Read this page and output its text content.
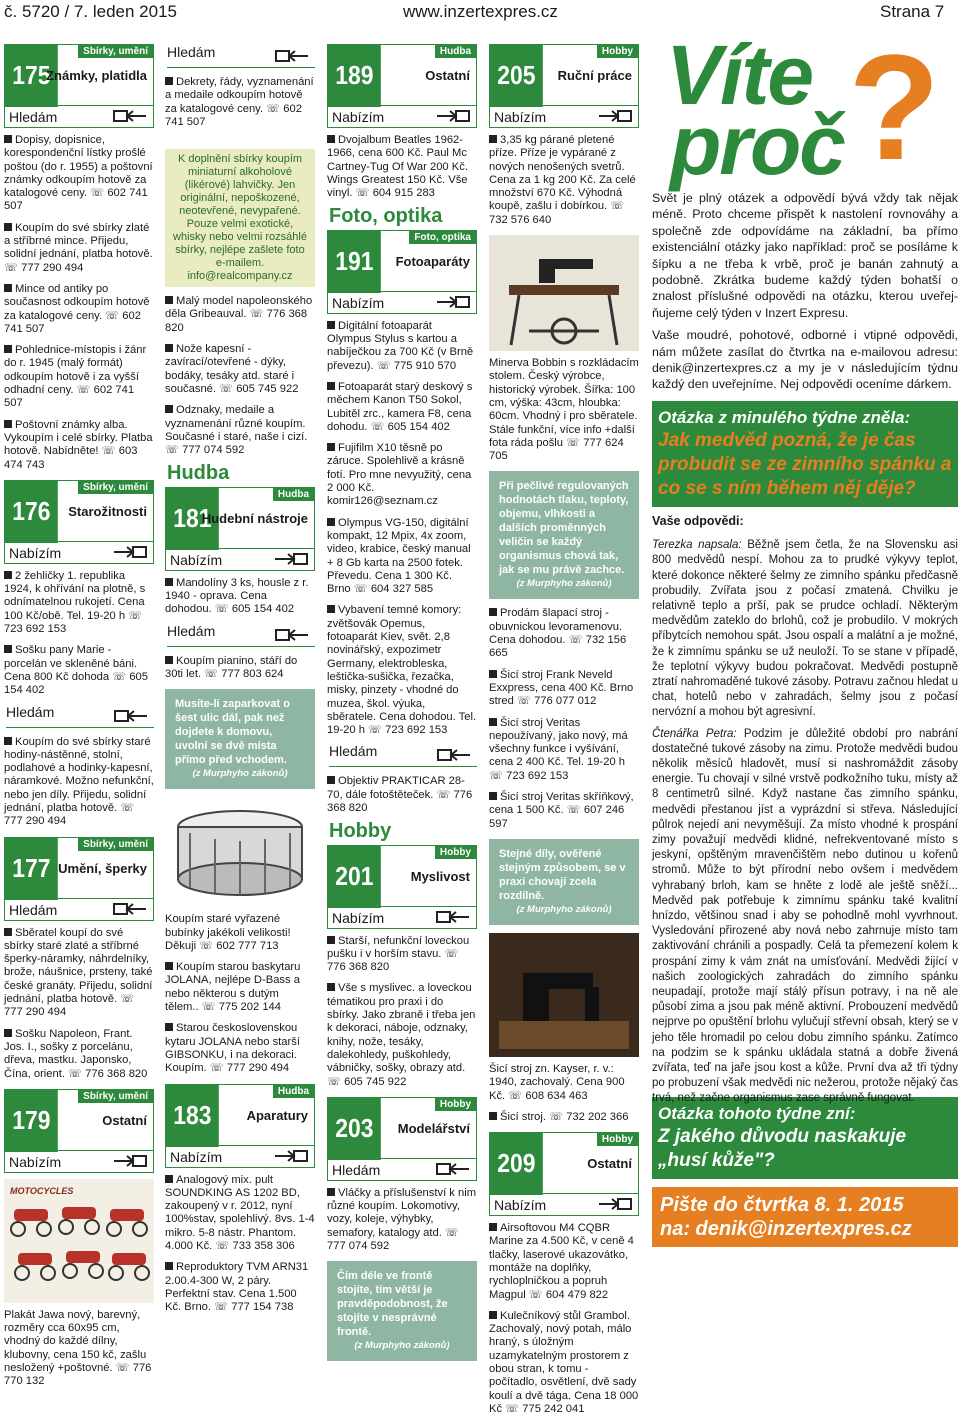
č. 5720 / 7. leden 2015	www.inzertexpres.cz	Strana 7
175
Sbírky, umění
Známky, platidla
Hledám
Dopisy, dopisnice, korespondenční lístky prošlé poštou (do r. 1955) a poštovní známky odkoupím hotově za katalogové ceny. ☏ 602 741 507
Koupím do své sbírky zlaté a stříbrné mince. Přijedu, solidní jednání, platba hotově. ☏ 777 290 494
Mince od antiky po současnost odkoupím hotově za katalogové ceny. ☏ 602 741 507
Pohlednice-místopis i žánr do r. 1945 (malý formát) odkoupím hotově i za vyšší odhadní ceny. ☏ 602 741 507
Poštovní známky alba. Vykoupím i celé sbírky. Platba hotově. Nabídněte! ☏ 603 474 743
176
Sbírky, umění
Starožitnosti
Nabízím
2 žehličky 1. republika 1924, k ohřívání na plotně, s odnímatelnou rukojetí. Cena 100 Kč/obě. Tel. 19-20 h ☏ 723 692 153
Sošku pany Marie - porcelán ve skleněné báni. Cena 800 Kč dohoda ☏ 605 154 402
Hledám
Koupím do své sbírky staré hodiny-nástěnné, stolní, podlahové a hodinky-kapesní, náramkové. Možno nefunkční, nebo jen díly. Přijedu, solidní jednání, platba hotově. ☏ 777 290 494
177
Sbírky, umění
Umění, šperky
Hledám
Sběratel koupí do své sbírky staré zlaté a stříbrné šperky-náramky, náhrdelníky, brože, náušnice, prsteny, také české granáty. Přijedu, solidní jednání, platba hotově. ☏ 777 290 494
Sošku Napoleon, Frant. Jos. I., sošky z porcelánu, dřeva, mastku. Japonsko, Čína, orient. ☏ 776 368 820
179
Sbírky, umění
Ostatní
Nabízím
MOTOCYCLES
Plakát Jawa nový, barevný, rozměry cca 60x95 cm, vhodný do každé dílny, klubovny, cena 150 kč, zašlu nesložený +poštovné. ☏ 776 770 132
Hledám
Dekrety, řády, vyznamenání a medaile odkoupím hotově za katalogové ceny. ☏ 602 741 507
K doplnění sbírky koupím miniaturní alkoholové (likérové) lahvičky. Jen originální, nepoškozené, neotevřené, nevypařené. Pouze velmi exotické, whisky nebo velmi rozsáhlé sbírky, nejlépe zašlete foto e-mailem. info@realcompany.cz
Malý model napoleonského děla Gribeauval. ☏ 776 368 820
Nože kapesní - zavírací/otevřené - dýky, bodáky, tesáky atd. staré i současné. ☏ 605 745 922
Odznaky, medaile a vyznamenání různé koupím. Současné i staré, naše i cizí. ☏ 777 074 592
Hudba
181
Hudba
Hudební nástroje
Nabízím
Mandolíny 3 ks, housle z r. 1940 - oprava. Cena dohodou. ☏ 605 154 402
Hledám
Koupím pianino, stáří do 30ti let. ☏ 777 803 624
Musíte-li zaparkovat o šest ulic dál, pak než dojdete k domovu, uvolní se dvě místa přímo před vchodem.
(z Murphyho zákonů)
Koupím staré vyřazené bubínky jakékoli velikosti! Děkuji ☏ 602 777 713
Koupím starou baskytaru JOLANA, nejlépe D-Bass a nebo některou s dutým tělem.. ☏ 775 202 144
Starou československou kytaru JOLANA nebo starší GIBSONKU, i na dekoraci. Koupím. ☏ 777 290 494
183
Hudba
Aparatury
Nabízím
Analogový mix. pult SOUNDKING AS 1202 BD, zakoupený v r. 2012, nyní 100%stav, spolehlivý. 8vs. 1-4 mikro. 5-8 nástr. Phantom. 4.000 Kč. ☏ 733 358 306
Reproduktory TVM ARN31 2.00.4-300 W, 2 páry. Perfektní stav. Cena 1.500 Kč. Brno. ☏ 777 154 738
189
Hudba
Ostatní
Nabízím
Dvojalbum Beatles 1962-1966, cena 600 Kč. Paul Mc Cartney-Tug Of War 200 Kč. Wings Greatest 150 Kč. Vše vinyl. ☏ 604 915 283
Foto, optika
191
Foto, optika
Fotoaparáty
Nabízím
Digitální fotoaparát Olympus Stylus s kartou a nabíječkou za 700 Kč (v Brně převezu). ☏ 775 910 570
Fotoaparát starý deskový s měchem Kanon T50 Sokol, Lubitěl zrc., kamera F8, cena dohodu. ☏ 605 154 402
Fujifilm X10 těsně po záruce. Spolehlivě a krásně fotí. Pro mne nevyužitý, cena 2 000 Kč. komir126@seznam.cz
Olympus VG-150, digitální kompakt, 12 Mpix, 4x zoom, video, krabice, český manual + 8 Gb karta na 2500 fotek. Převedu. Cena 1 300 Kč. Brno ☏ 604 327 585
Vybavení temné komory: zvětšovák Opemus, fotoaparát Kiev, svět. 2,8 novinářský, expozimetr Germany, elektrobleska, leštička-sušička, řezačka, misky, pinzety - vhodné do muzea, škol. výuka, sběratele. Cena dohodou. Tel. 19-20 h ☏ 723 692 153
Hledám
Objektiv PRAKTICAR 28-70, dále fotoštěteček. ☏ 776 368 820
Hobby
201
Hobby
Myslivost
Nabízím
Starší, nefunkční loveckou pušku i v horším stavu. ☏ 776 368 820
Vše s myslivec. a loveckou tématikou pro praxi i do sbírky. Jako zbraně i třeba jen k dekoraci, náboje, odznaky, knihy, nože, tesáky, dalekohledy, puškohledy, vábničky, sošky, obrazy atd. ☏ 605 745 922
203
Hobby
Modelářství
Hledám
Vláčky a příslušenství k nim různé koupím. Lokomotivy, vozy, koleje, výhybky, semafory, katalogy atd. ☏ 777 074 592
Čím déle ve frontě stojíte, tím větší je pravděpodobnost, že stojíte v nesprávné frontě.
(z Murphyho zákonů)
205
Hobby
Ruční práce
Nabízím
3,35 kg párané pletené příze. Příze je vypárané z nových nenošených svetrů. Cena za 1 kg 200 Kč. Za celé množství 670 Kč. Výhodná koupě, zašlu i dobírkou. ☏ 732 576 640
Minerva Bobbin s rozkládacím stolem. Český výrobce, historický výrobek. Šířka: 100 cm, výška: 43cm, hloubka: 60cm. Vhodný i pro sběratele. Stále funkční, více info +další fota ráda pošlu ☏ 777 624 705
Při pečlivé regulovaných hodnotách tlaku, teploty, objemu, vlhkosti a dalších proměnných veličin se každý organismus chová tak, jak se mu právě zachce.
(z Murphyho zákonů)
Prodám šlapací stroj - obuvnickou levoramenovu. Cena dohodou. ☏ 732 156 665
Šicí stroj Frank Neveld Exxpress, cena 400 Kč. Brno stred ☏ 776 077 012
Šicí stroj Veritas nepoužívaný, jako nový, má všechny funkce i vyšívání, cena 2 400 Kč. Tel. 19-20 h ☏ 723 692 153
Šicí stroj Veritas skříňkový, cena 1 500 Kč. ☏ 607 246 597
Stejné díly, ověřené stejným způsobem, se v praxi chovají zcela rozdílně.
(z Murphyho zákonů)
Šicí stroj zn. Kayser, r. v.: 1940, zachovalý. Cena 900 Kč. ☏ 608 634 463
Šicí stroj. ☏ 732 202 366
209
Hobby
Ostatní
Nabízím
Airsoftovou M4 CQBR Marine za 4.500 Kč, v ceně 4 tlačky, laserové ukazovátko, montáže na doplňky, rychloplničkou a popruh Magpul ☏ 604 479 822
Kulečníkový stůl Grambol. Zachovalý, nový potah, málo hraný, s úložným uzamykatelným prostorem z obou stran, k tomu - počítadlo, osvětlení, dvě sady koulí a dvě tága. Cena 18 000 Kč ☏ 775 242 041
Víte
proč ?

Svět je plný otázek a odpovědí bývá vždy tak nějak méně. Proto chceme přispět k nastolení rovnováhy a společně zde odpovídáme na základní, ba přímo existenciální otázky jako například: proč se posíláme k šípku a ne třeba k vrbě, proč je banán zahnutý a podobně. Zkrátka budeme každý týden bohatší o znalost příslušné odpovědi na otázku, kterou uveřej- ňujeme celý týden v Inzert Expresu.

Vaše moudré, pohotové, odborné i vtipné odpovědi, nám můžete zasílat do čtvrtka na e-mailovou adresu: denik@inzertexpres.cz a my je v následujícím týdnu každý den uveřejníme. Nej odpovědi oceníme dárkem.

Otázka z minulého týdne zněla:
Jak medvěd pozná, že je čas probudit se ze zimního spánku a co se s ním během něj děje?
Vaše odpovědi:

Terezka napsala: Běžně jsem četla, že na Slovensku asi 800 medvědů nespí. Mohou za to prudké výkyvy teplot, které dokonce některé šelmy ze zimního spánku předčasně probudily. Zvířata jsou z počasí zmatená. Chvilku je relativně teplo a prší, pak se prudce ochladí. Některým medvědům zateklo do brlohů, což je probudilo. V mokrých příbytcích nemohou spát. Jsou ospalí a malátní a je možné, že k zimnímu spánku se už neuloží. To se stane v případě, že teplotní výkyvy budou pokračovat. Medvědi postupně ztratí nahromaděné tukové zásoby. Potravu začnou hledat u chat, hotelů nebo v zahradách, šelmy jsou z počasí nervózní a mohou být agresivní.

Čtenářka Petra: Podzim je důležité období pro nabrání dostatečné tukové zásoby na zimu. Protože medvědi budou několik měsíců hladovět, musí si nashromáždit zásoby energie. Tu chovají v silné vrstvě podkožního tuku, místy až 8 centimetrů silné. Když nastane čas zimního spánku, medvědi přestanou jíst a vyprázdní si střeva. Následující půlrok nejedí ani nevyměšují. Za místo vhodné k prospání zimy považují medvědi klidné, nefrekventované místo s jeskyní, opštěným mravenčištěm nebo dutinou u kořenů stromů. Může to být přírodní nebo ovšem i medvědem vyhrabaný brloh, kam se hněte z lodě ale ještě sněží... Medvěd pak potřebuje k zimnímu spánku také kvalitní hnízdo, většinou snad i aby se pohodlně mohl vyvrhnout. Vysledování přirozené aby nová nebo zahrnuje místo tam zaktivování chránili a pospadly. Celá ta přemezení kolem k prospání zimy k vám znát na umísťování. Medvědi žijící v našich zoologických zahradách do zimního spánku neupadají, protože mají stálý přísun potravy, i na ně ale působí zima a jsou pak méně aktivní. Probouzení medvědů nejprve po opuštění brlohu vylučují střevní obsah, který se v jeho těle hromadil po celou dobu zimního spánku. Zatímco na podzim se k spánku ukládala statná a dobře živená zvířata, teď na jaře jsou kost a kůže. První dva až tři týdny po probuzení však medvědi nic nežerou, protože nějaký čas trvá, než začne organismus zase správně fungovat.

Otázka tohoto týdne zní:
Z jakého důvodu naskakuje „husí kůže"?
Pište do čtvrtka 8. 1. 2015
na: denik@inzertexpres.cz
